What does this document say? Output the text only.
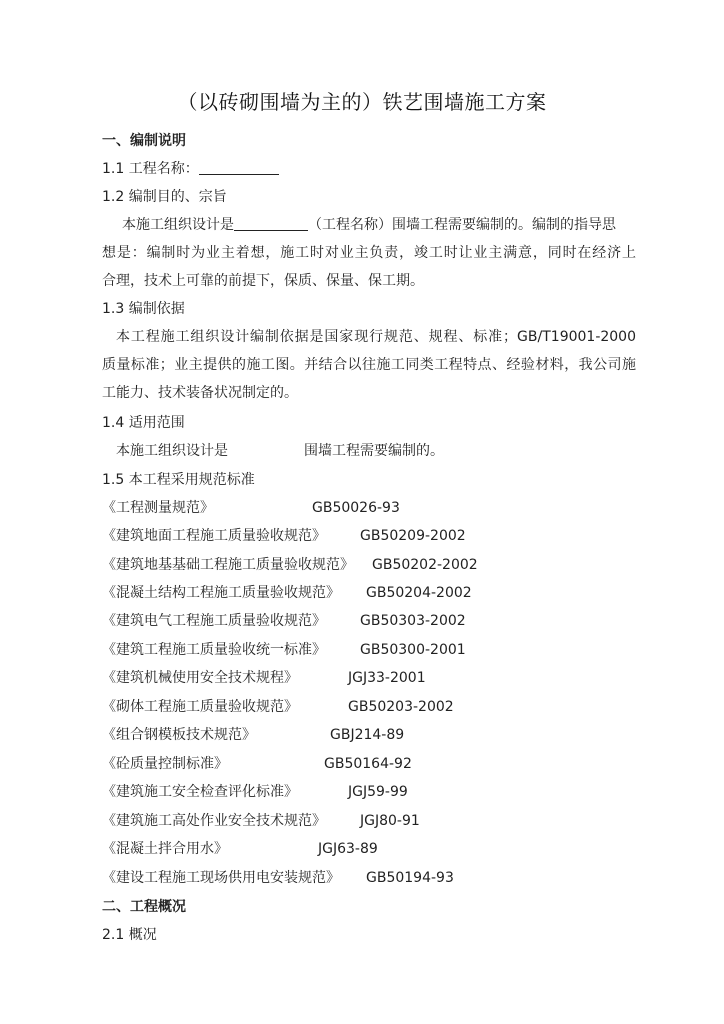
（以砖砌围墙为主的）铁艺围墙施工方案
一、编制说明
1.1 工程名称：
1.2 编制目的、宗旨
本施工组织设计是	（工程名称）围墙工程需要编制的。编制的指导思
想是：编制时为业主着想，施工时对业主负责，竣工时让业主满意，同时在经济上
合理，技术上可靠的前提下，保质、保量、保工期。
1.3 编制依据
本工程施工组织设计编制依据是国家现行规范、规程、标准；GB/T19001-2000
质量标准；业主提供的施工图。并结合以往施工同类工程特点、经验材料，我公司施
工能力、技术装备状况制定的。
1.4 适用范围
本施工组织设计是	围墙工程需要编制的。
1.5 本工程采用规范标准
《工程测量规范》	GB50026-93
《建筑地面工程施工质量验收规范》 GB50209-2002
《建筑地基基础工程施工质量验收规范》 GB50202-2002
《混凝土结构工程施工质量验收规范》 GB50204-2002
《建筑电气工程施工质量验收规范》 GB50303-2002
《建筑工程施工质量验收统一标准》 GB50300-2001
《建筑机械使用安全技术规程》	JGJ33-2001
《砌体工程施工质量验收规范》	GB50203-2002
《组合钢模板技术规范》	GBJ214-89
《砼质量控制标准》	GB50164-92
《建筑施工安全检查评化标准》	JGJ59-99
《建筑施工高处作业安全技术规范》 JGJ80-91
《混凝土拌合用水》	JGJ63-89
《建设工程施工现场供用电安装规范》 GB50194-93
二、工程概况
2.1 概况
